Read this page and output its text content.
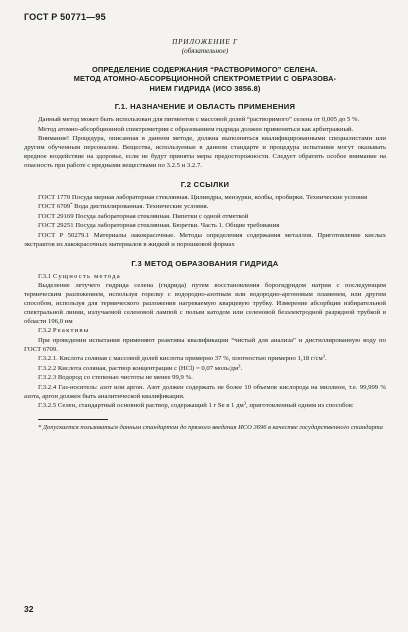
ГОСТ Р 50771—95
ПРИЛОЖЕНИЕ Г
(обязательное)
ОПРЕДЕЛЕНИЕ СОДЕРЖАНИЯ “РАСТВОРИМОГО” СЕЛЕНА.
МЕТОД АТОМНО-АБСОРБЦИОННОЙ СПЕКТРОМЕТРИИ С ОБРАЗОВА-
НИЕМ ГИДРИДА (ИСО 3856.8)
Г.1. НАЗНАЧЕНИЕ И ОБЛАСТЬ ПРИМЕНЕНИЯ

Данный метод может быть использован для пигментов с массовой долей “растворимого” селена от 0,005 до 5 %.

Метод атомно-абсорбционной спектрометрии с образованием гидрида должен применяться как арбитражный.

Внимание! Процедура, описанная в данном методе, должна выполняться квалифицированными специалистами или другим обученным персоналом. Вещества, используемые в данном стандарте и процедура испытания могут оказывать вредное воздействие на здоровье, если не будут приняты меры предосторожности. Следует обратить особое внимание на опасность при работе с вредными веществами по 3.2.5 и 3.2.7.

Г.2 ССЫЛКИ

ГОСТ 1770 Посуда мерная лабораторная стеклянная. Цилиндры, мензурки, колбы, пробирки. Технические условия

ГОСТ 6709* Вода дистиллированная. Технические условия.

ГОСТ 29169 Посуда лабораторная стеклянная. Пипетки с одной отметкой

ГОСТ 29251 Посуда лабораторная стеклянная. Бюретки. Часть 1. Общие требования

ГОСТ Р 50279.1 Материалы лакокрасочные. Методы определения содержания металлов. Приготовление кислых экстрактов из лакокрасочных материалов в жидкой и порошковой формах

Г.3 МЕТОД ОБРАЗОВАНИЯ ГИДРИДА

Г.3.1 Сущность метода

Выделение летучего гидрида селена (гидрида) путем восстановления борогидридом натрия с последующим термическим разложением, используя горелку с водородно-азотным или водородно-аргоновым пламенем, или другим способом, используя для термического разложения нагреваемую кварцевую трубку. Измерение абсорбции избирательной спектральной линии, излучаемой селеновой лампой с полым катодом или селеновой безэлектродной разрядной трубкой в области 196,0 нм

Г.3.2 Реактивы

При проведении испытания применяют реактивы квалификации “чистый для анализа” и дистиллированную воду по ГОСТ 6709.

Г.3.2.1. Кислота соляная с массовой долей кислоты примерно 37 %, плотностью примерно 1,18 $г/см^3$.

Г.3.2.2 Кислота соляная, раствор концентрации с (HCl) = 0,07 моль/$дм^3$.

Г.3.2.3 Водород со степенью чистоты не менее 99,9 %.

Г.3.2.4 Газ-носитель: азот или аргон. Азот должен содержать не более 10 объемов кислорода на миллион, т.е. 99,999 % азота, аргон должен быть аналитической квалификации.

Г.3.2.5 Селен, стандартный основной раствор, содержащий 1 г Se в 1 $дм^3$, приготовленный одним из способов:

* Допускается пользоваться данным стандартом до прямого введения ИСО 3696 в качестве государственного стандарта

32
